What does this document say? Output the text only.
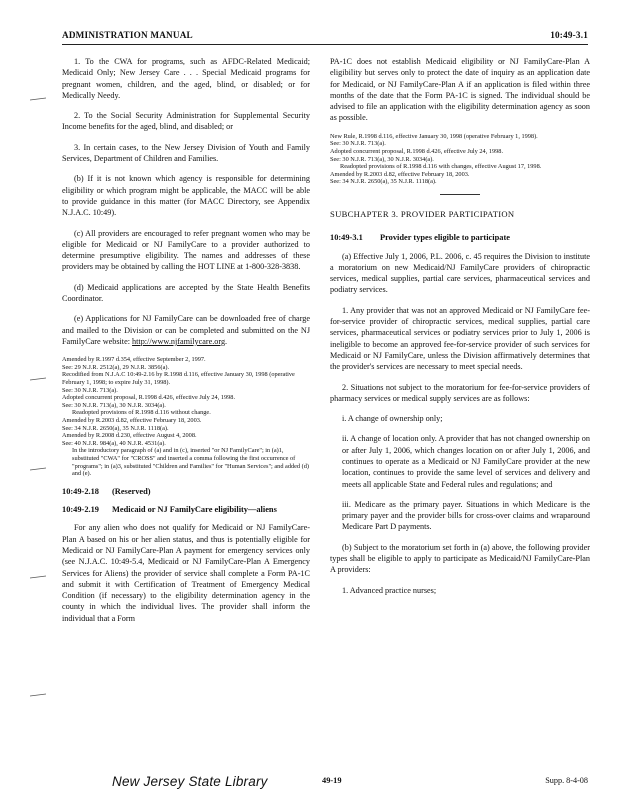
ADMINISTRATION MANUAL	10:49-3.1

1. To the CWA for programs, such as AFDC-Related Medicaid; Medicaid Only; New Jersey Care . . . Special Medicaid programs for pregnant women, children, and the aged, blind, or disabled; or for Medically Needy.

2. To the Social Security Administration for Supplemental Security Income benefits for the aged, blind, and disabled; or

3. In certain cases, to the New Jersey Division of Youth and Family Services, Department of Children and Families.

(b) If it is not known which agency is responsible for determining eligibility or which program might be applicable, the MACC will be able to provide guidance in this matter (for MACC Directory, see Appendix N.J.A.C. 10:49).

(c) All providers are encouraged to refer pregnant women who may be eligible for Medicaid or NJ FamilyCare to a provider authorized to determine presumptive eligibility. The names and addresses of these providers may be obtained by calling the HOT LINE at 1-800-328-3838.

(d) Medicaid applications are accepted by the State Health Benefits Coordinator.

(e) Applications for NJ FamilyCare can be downloaded free of charge and mailed to the Division or can be completed and submitted on the NJ FamilyCare website: http://www.njfamilycare.org.

Amended by R.1997 d.354, effective September 2, 1997.
See: 29 N.J.R. 2512(a), 29 N.J.R. 3856(a).
Recodified from N.J.A.C 10:49-2.16 by R.1998 d.116, effective January 30, 1998 (operative February 1, 1998; to expire July 31, 1998).
See: 30 N.J.R. 713(a).
Adopted concurrent proposal, R.1998 d.426, effective July 24, 1998.
See: 30 N.J.R. 713(a), 30 N.J.R. 3034(a).
Readopted provisions of R.1998 d.116 without change.
Amended by R.2003 d.82, effective February 18, 2003.
See: 34 N.J.R. 2650(a), 35 N.J.R. 1118(a).
Amended by R.2008 d.230, effective August 4, 2008.
See: 40 N.J.R. 984(a), 40 N.J.R. 4531(a).
In the introductory paragraph of (a) and in (c), inserted "or NJ FamilyCare"; in (a)1, substituted "CWA" for "CROSS" and inserted a comma following the first occurrence of "programs"; in (a)3, substituted "Children and Families" for "Human Services"; and added (d) and (e).
10:49-2.18	(Reserved)
10:49-2.19	Medicaid or NJ FamilyCare eligibility—aliens

For any alien who does not qualify for Medicaid or NJ FamilyCare-Plan A based on his or her alien status, and thus is potentially eligible for Medicaid or NJ FamilyCare-Plan A payment for emergency services only (see N.J.A.C. 10:49-5.4, Medicaid or NJ FamilyCare-Plan A Emergency Services for Aliens) the provider of service shall complete a Form PA-1C and submit it with Certification of Treatment of Emergency Medical Condition (if necessary) to the eligibility determination agency in the county in which the individual lives. The provider shall inform the individual that a Form

PA-1C does not establish Medicaid eligibility or NJ FamilyCare-Plan A eligibility but serves only to protect the date of inquiry as an application date for Medicaid, or NJ FamilyCare-Plan A if an application is filed within three months of the date that the Form PA-1C is signed. The individual should be advised to file an application with the eligibility determination agency as soon as possible.

New Rule, R.1998 d.116, effective January 30, 1998 (operative February 1, 1998).
See: 30 N.J.R. 713(a).
Adopted concurrent proposal, R.1998 d.426, effective July 24, 1998.
See: 30 N.J.R. 713(a), 30 N.J.R. 3034(a).
Readopted provisions of R.1998 d.116 with changes, effective August 17, 1998.
Amended by R.2003 d.82, effective February 18, 2003.
See: 34 N.J.R. 2650(a), 35 N.J.R. 1118(a).
SUBCHAPTER 3. PROVIDER PARTICIPATION
10:49-3.1	Provider types eligible to participate

(a) Effective July 1, 2006, P.L. 2006, c. 45 requires the Division to institute a moratorium on new Medicaid/NJ FamilyCare providers of chiropractic services, medical supplies, partial care services, pharmaceutical services and podiatry services.

1. Any provider that was not an approved Medicaid or NJ FamilyCare fee-for-service provider of chiropractic services, medical supplies, partial care services, pharmaceutical services or podiatry services prior to July 1, 2006 is ineligible to become an approved fee-for-service provider of such services for Medicaid or NJ FamilyCare, unless the Division affirmatively determines that the provider's services are necessary to meet special needs.

2. Situations not subject to the moratorium for fee-for-service providers of pharmacy services or medical supply services are as follows:

i. A change of ownership only;

ii. A change of location only. A provider that has not changed ownership on or after July 1, 2006, which changes location on or after July 1, 2006, and continues to operate as a Medicaid or NJ FamilyCare provider at the new location, continues to provide the same level of services and delivery and meets all applicable State and Federal rules and regulations; and

iii. Medicare as the primary payer. Situations in which Medicare is the primary payer and the provider bills for cross-over claims and wraparound Medicare Part D payments.

(b) Subject to the moratorium set forth in (a) above, the following provider types shall be eligible to apply to participate as Medicaid/NJ FamilyCare-Plan A providers:

1. Advanced practice nurses;

New Jersey State Library	49-19	Supp. 8-4-08
